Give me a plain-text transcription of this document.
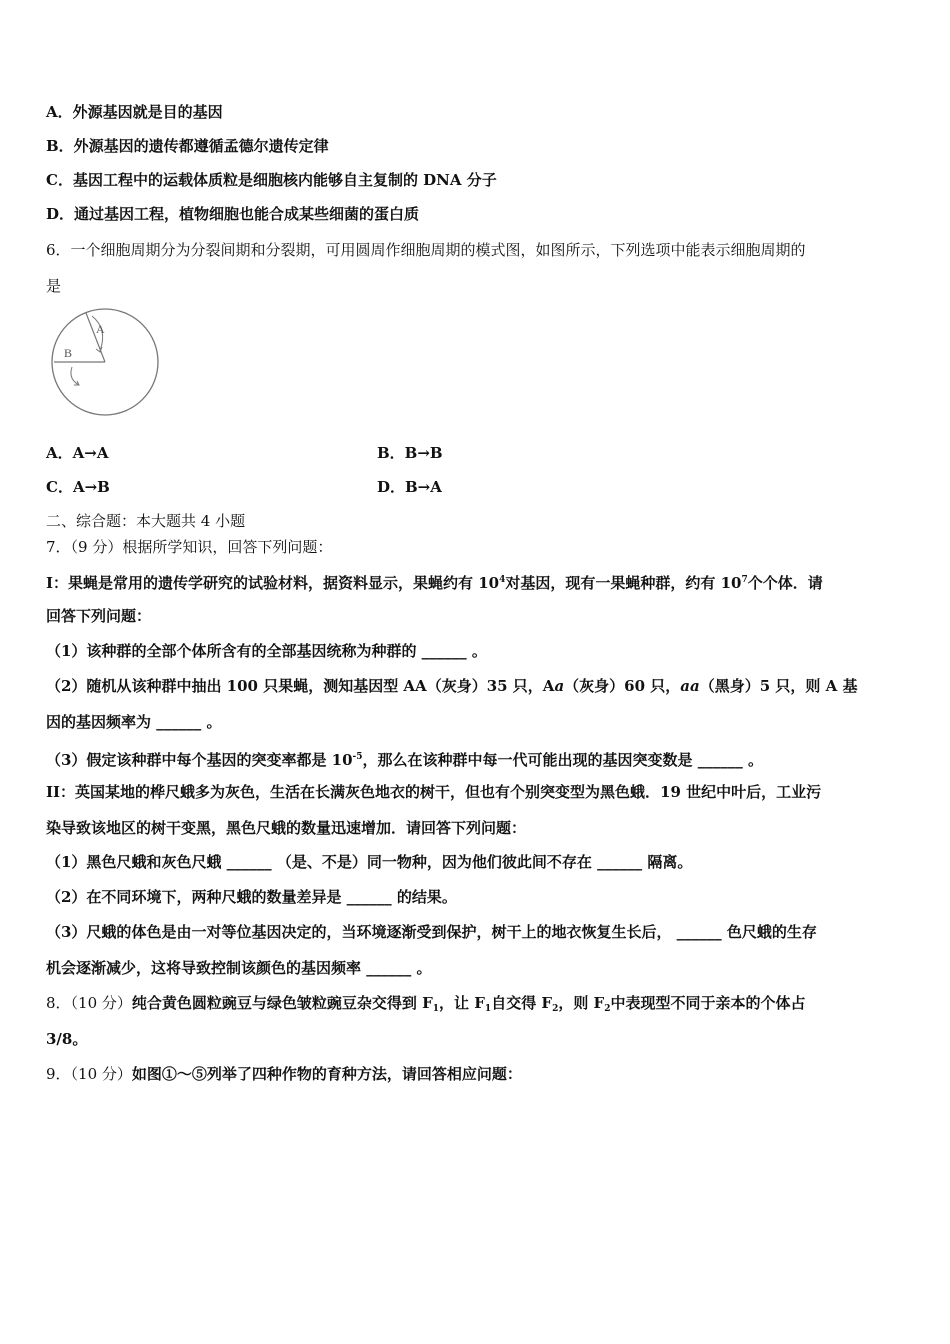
A．外源基因就是目的基因
B．外源基因的遗传都遵循孟德尔遗传定律
C．基因工程中的运载体质粒是细胞核内能够自主复制的 DNA 分子
D．通过基因工程，植物细胞也能合成某些细菌的蛋白质
6．一个细胞周期分为分裂间期和分裂期，可用圆周作细胞周期的模式图，如图所示，下列选项中能表示细胞周期的
是
A
B
A．A→A	B．B→B
C．A→B	D．B→A
二、综合题：本大题共 4 小题
7．（9 分）根据所学知识，回答下列问题：
I：果蝇是常用的遗传学研究的试验材料，据资料显示，果蝇约有 $10^4$对基因，现有一果蝇种群，约有 $10^7$个个体．请
回答下列问题：
（1）该种群的全部个体所含有的全部基因统称为种群的 ______ 。
（2）随机从该种群中抽出 100 只果蝇，测知基因型 AA（灰身）35 只，Aa（灰身）60 只，aa（黑身）5 只，则 A 基
因的基因频率为 ______ 。
（3）假定该种群中每个基因的突变率都是 $10^{-5}$，那么在该种群中每一代可能出现的基因突变数是 ______ 。
II：英国某地的桦尺蛾多为灰色，生活在长满灰色地衣的树干，但也有个别突变型为黑色蛾．19 世纪中叶后，工业污
染导致该地区的树干变黑，黑色尺蛾的数量迅速增加．请回答下列问题：
（1）黑色尺蛾和灰色尺蛾 ______ （是、不是）同一物种，因为他们彼此间不存在 ______ 隔离。
（2）在不同环境下，两种尺蛾的数量差异是 ______ 的结果。
（3）尺蛾的体色是由一对等位基因决定的，当环境逐渐受到保护，树干上的地衣恢复生长后， ______ 色尺蛾的生存
机会逐渐减少，这将导致控制该颜色的基因频率 ______ 。
8．（10 分）纯合黄色圆粒豌豆与绿色皱粒豌豆杂交得到 $F_1$，让 $F_1$自交得 $F_2$，则 $F_2$中表现型不同于亲本的个体占
3/8。
9．（10 分）如图①～⑤列举了四种作物的育种方法，请回答相应问题：
